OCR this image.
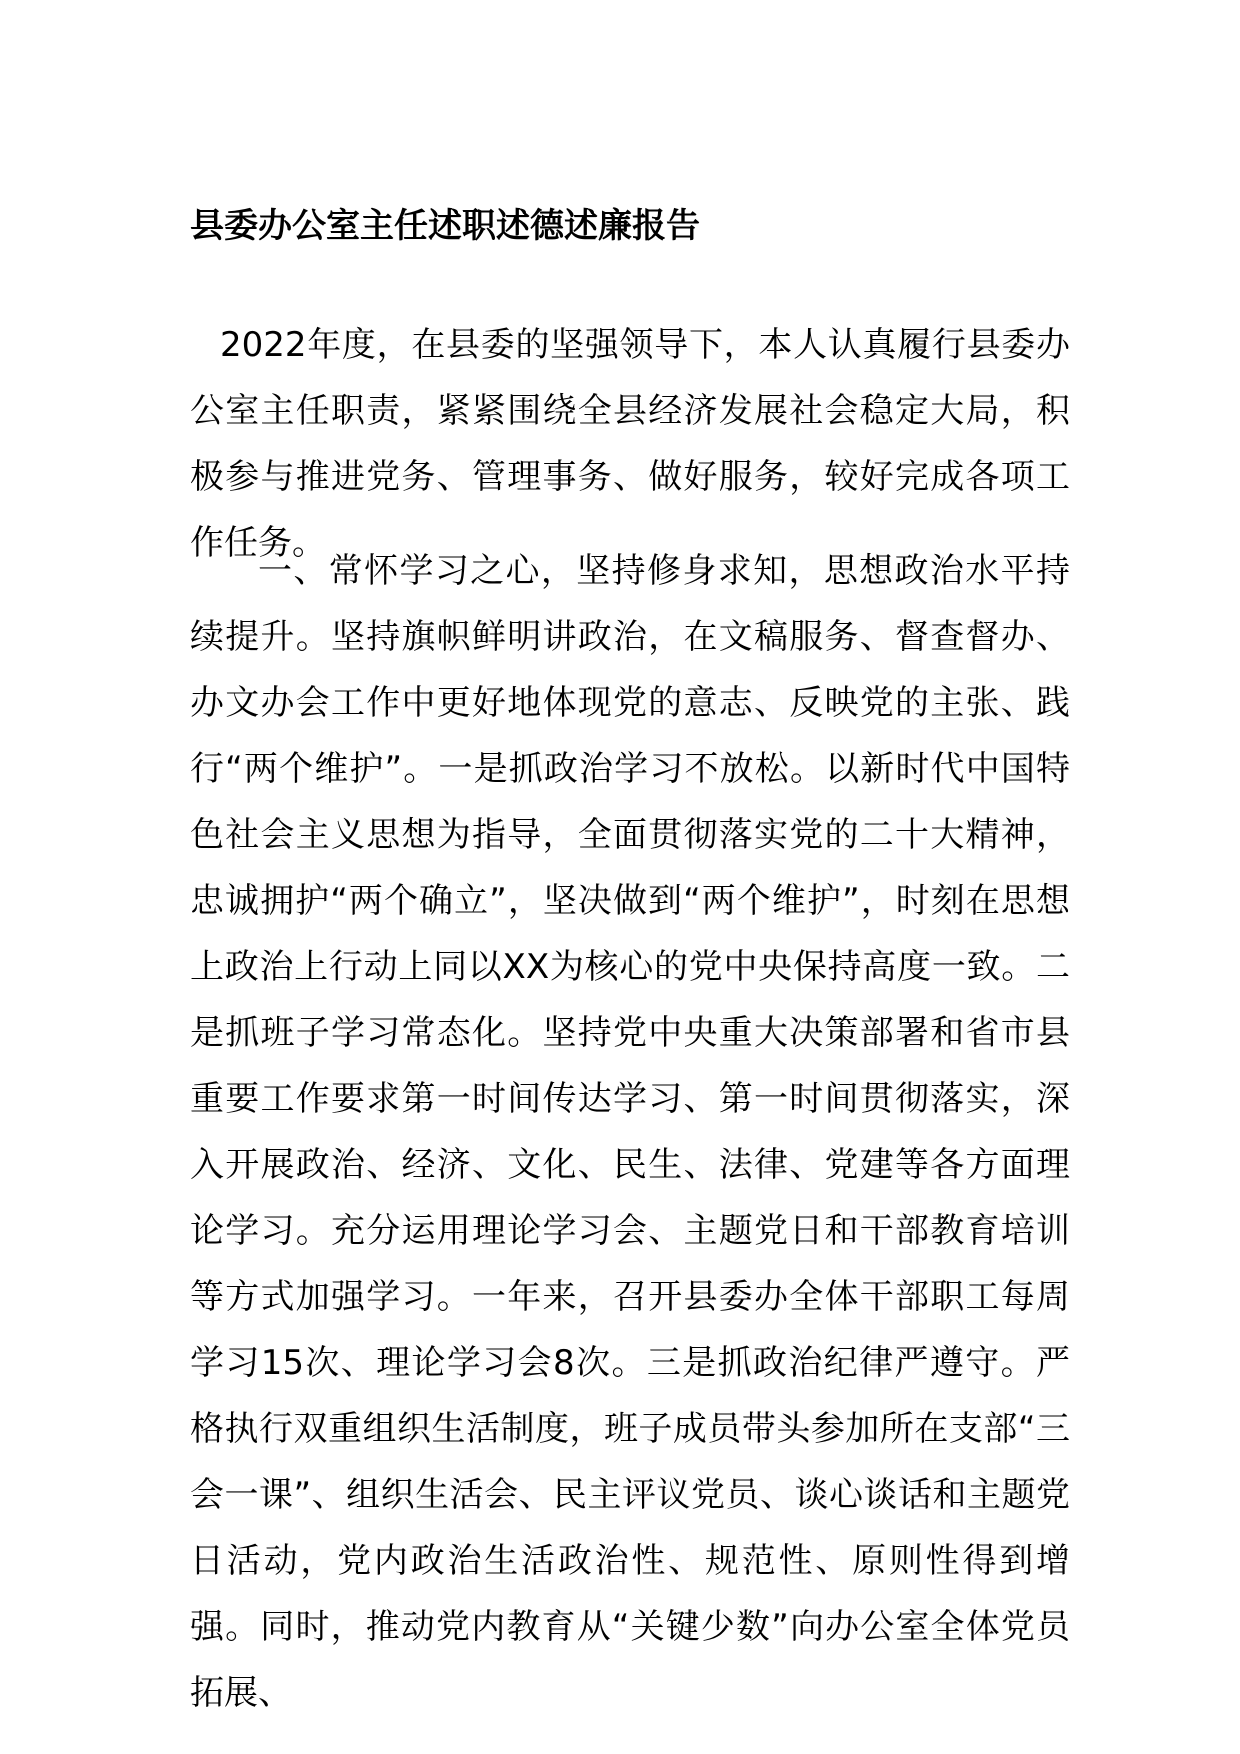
县委办公室主任述职述德述廉报告

2022年度，在县委的坚强领导下，本人认真履行县委办公室主任职责，紧紧围绕全县经济发展社会稳定大局，积极参与推进党务、管理事务、做好服务，较好完成各项工作任务。

一、常怀学习之心，坚持修身求知，思想政治水平持续提升。坚持旗帜鲜明讲政治，在文稿服务、督查督办、办文办会工作中更好地体现党的意志、反映党的主张、践行“两个维护”。一是抓政治学习不放松。以新时代中国特色社会主义思想为指导，全面贯彻落实党的二十大精神，忠诚拥护“两个确立”，坚决做到“两个维护”，时刻在思想上政治上行动上同以XX为核心的党中央保持高度一致。二是抓班子学习常态化。坚持党中央重大决策部署和省市县重要工作要求第一时间传达学习、第一时间贯彻落实，深入开展政治、经济、文化、民生、法律、党建等各方面理论学习。充分运用理论学习会、主题党日和干部教育培训等方式加强学习。一年来，召开县委办全体干部职工每周学习15次、理论学习会8次。三是抓政治纪律严遵守。严格执行双重组织生活制度，班子成员带头参加所在支部“三会一课”、组织生活会、民主评议党员、谈心谈话和主题党日活动，党内政治生活政治性、规范性、原则性得到增强。同时，推动党内教育从“关键少数”向办公室全体党员拓展、
